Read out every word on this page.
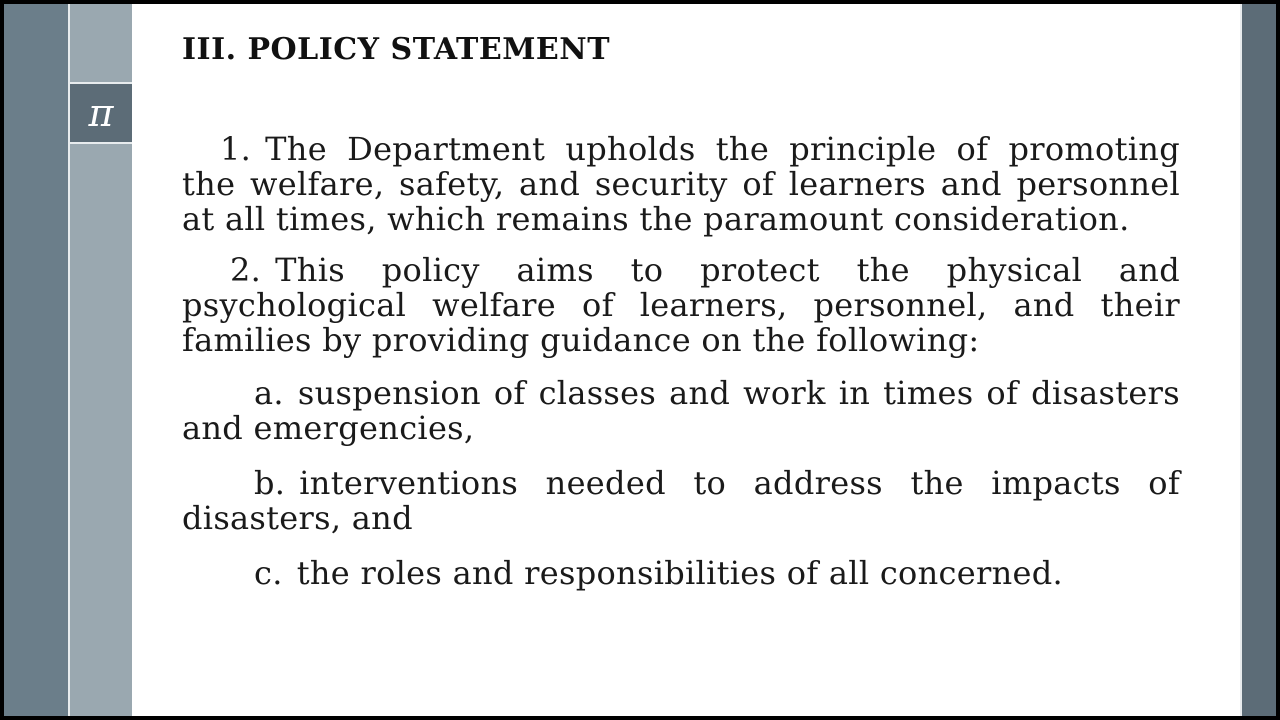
π
III. POLICY STATEMENT

1. The Department upholds the principle of promoting the welfare, safety, and security of learners and personnel at all times, which remains the paramount consideration.

2. This policy aims to protect the physical and psychological welfare of learners, personnel, and their families by providing guidance on the following:

a. suspension of classes and work in times of disasters and emergencies,

b. interventions needed to address the impacts of disasters, and

c. the roles and responsibilities of all concerned.
